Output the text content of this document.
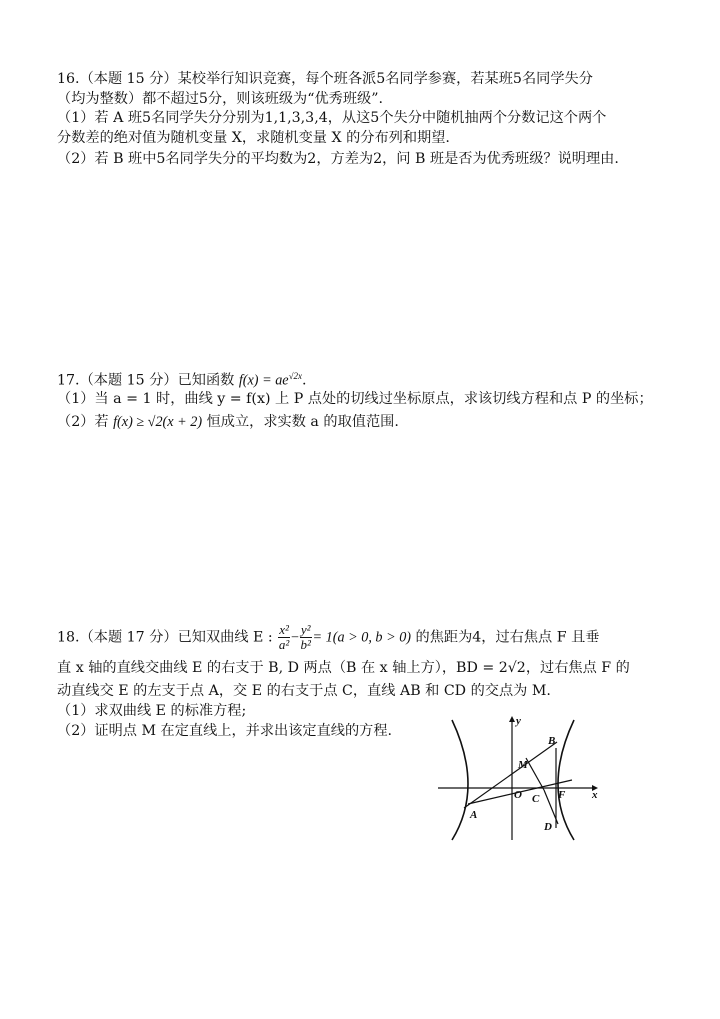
16.（本题 15 分）某校举行知识竞赛，每个班各派5名同学参赛，若某班5名同学失分
（均为整数）都不超过5分，则该班级为“优秀班级”.
（1）若 A 班5名同学失分分别为1,1,3,3,4，从这5个失分中随机抽两个分数记这个两个
分数差的绝对值为随机变量 X，求随机变量 X 的分布列和期望.
（2）若 B 班中5名同学失分的平均数为2，方差为2，问 B 班是否为优秀班级？说明理由.
17.（本题 15 分）已知函数 $f(x) = ae^{√2x}$.
（1）当 a = 1 时，曲线 y = f(x) 上 P 点处的切线过坐标原点，求该切线方程和点 P 的坐标；
（2）若 f(x) ≥ √2(x + 2) 恒成立，求实数 a 的取值范围.
18.（本题 17 分）已知双曲线 E : $\frac{\text{x²}}{\text{a²}} - \frac{\text{y²}}{\text{b²}} = 1(a > 0$, b > 0) 的焦距为4，过右焦点 F 且垂
直 x 轴的直线交曲线 E 的右支于 B, D 两点（B 在 x 轴上方），BD = 2√2，过右焦点 F 的
动直线交 E 的左支于点 A，交 E 的右支于点 C，直线 AB 和 CD 的交点为 M.
（1）求双曲线 E 的标准方程;
（2）证明点 M 在定直线上，并求出该定直线的方程.
y
x
O
A
B
C
D
F
M
